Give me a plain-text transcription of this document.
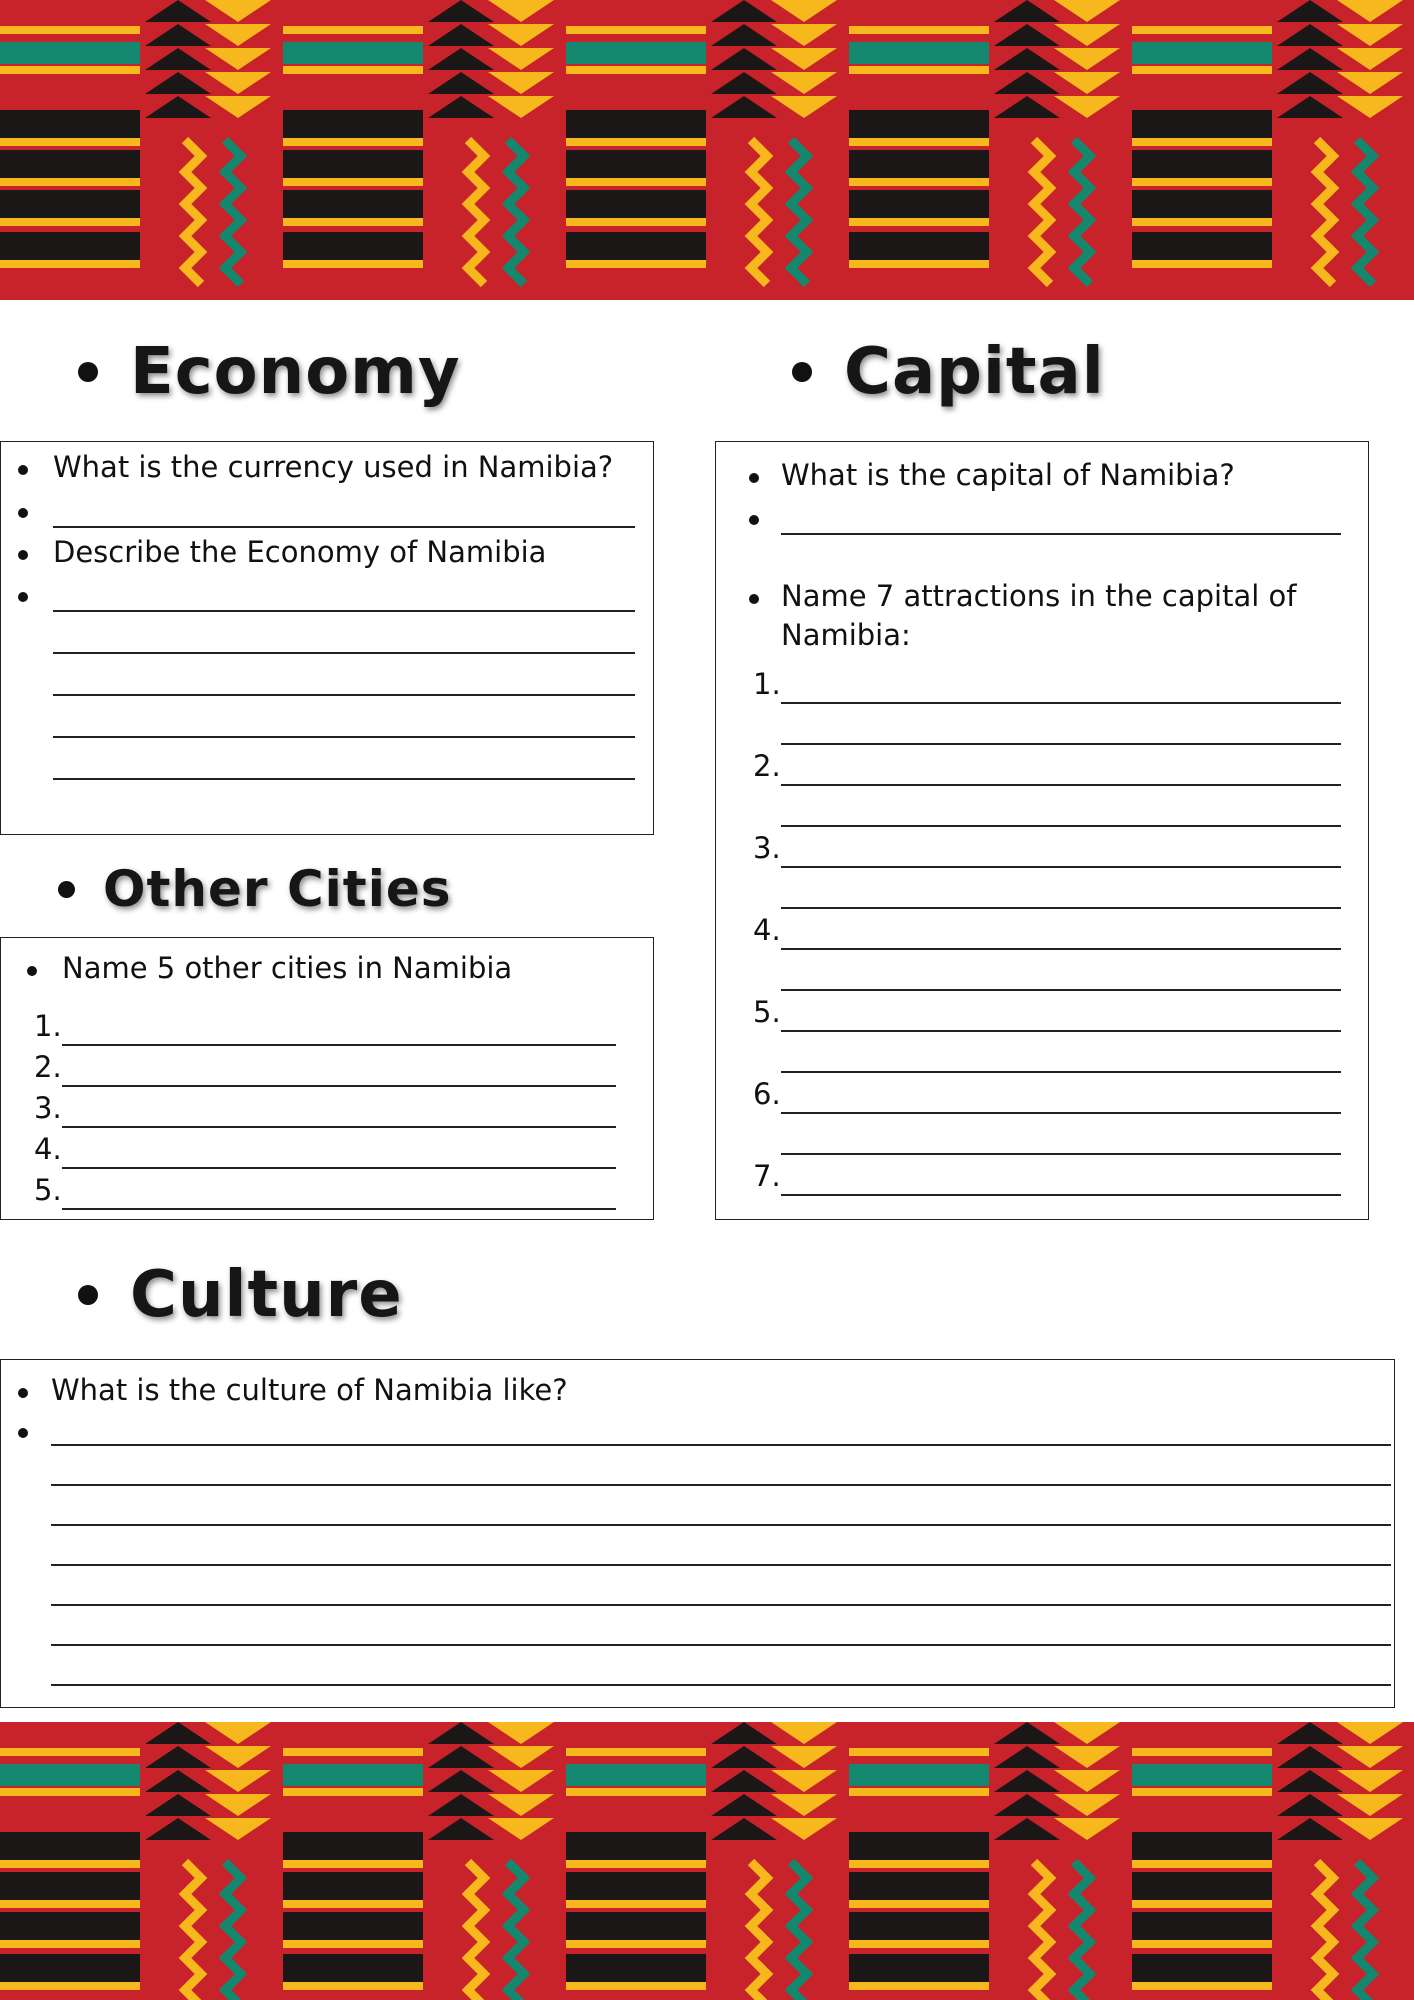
Economy
What is the currency used in Namibia?
Describe the Economy of Namibia
Capital
What is the capital of Namibia?
Name 7 attractions in the capital of
Namibia:
1.
2.
3.
4.
5.
6.
7.
Other Cities
Name 5 other cities in Namibia
1.
2.
3.
4.
5.
Culture
What is the culture of Namibia like?
